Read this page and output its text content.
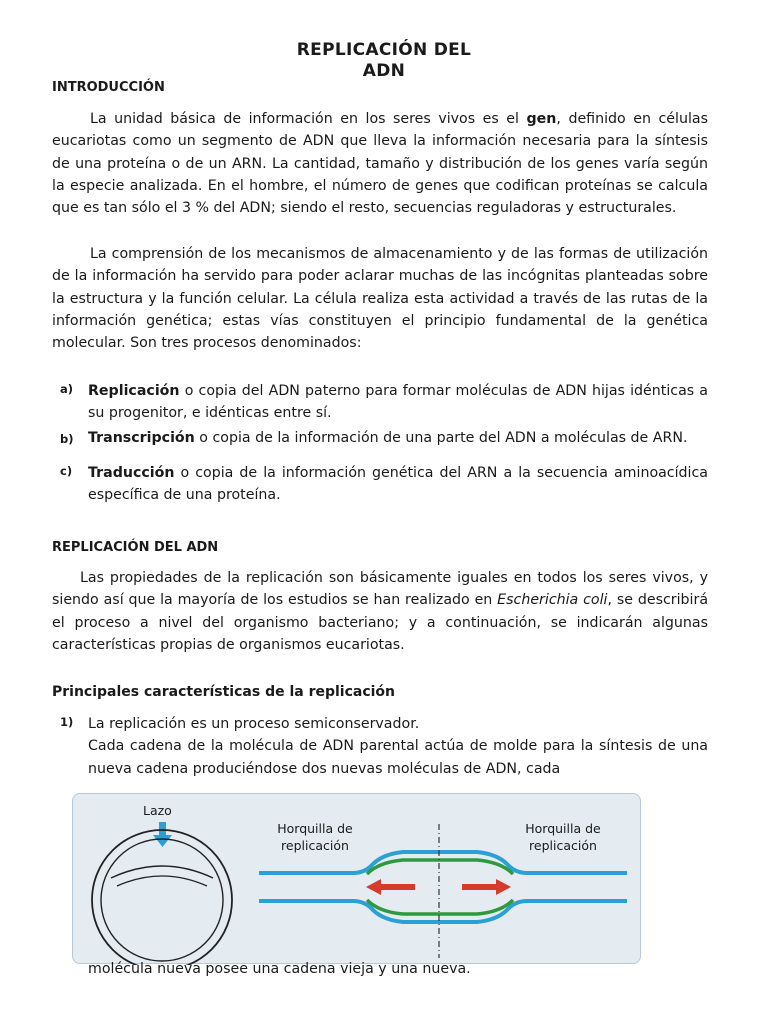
REPLICACIÓN DEL
ADN
INTRODUCCIÓN

La unidad básica de información en los seres vivos es el gen, definido en células eucariotas como un segmento de ADN que lleva la información necesaria para la síntesis de una proteína o de un ARN. La cantidad, tamaño y distribución de los genes varía según la especie analizada. En el hombre, el número de genes que codifican proteínas se calcula que es tan sólo el 3 % del ADN; siendo el resto, secuencias reguladoras y estructurales.

La comprensión de los mecanismos de almacenamiento y de las formas de utilización de la información ha servido para poder aclarar muchas de las incógnitas planteadas sobre la estructura y la función celular. La célula realiza esta actividad a través de las rutas de la información genética; estas vías constituyen el principio fundamental de la genética molecular. Son tres procesos denominados:

a) Replicación o copia del ADN paterno para formar moléculas de ADN hijas idénticas a su progenitor, e idénticas entre sí.
b) Transcripción o copia de la información de una parte del ADN a moléculas de ARN.
c) Traducción o copia de la información genética del ARN a la secuencia aminoacídica específica de una proteína.
REPLICACIÓN DEL ADN

Las propiedades de la replicación son básicamente iguales en todos los seres vivos, y siendo así que la mayoría de los estudios se han realizado en Escherichia coli, se describirá el proceso a nivel del organismo bacteriano; y a continuación, se indicarán algunas características propias de organismos eucariotas.

Principales características de la replicación
1) La replicación es un proceso semiconservador.
Cada cadena de la molécula de ADN parental actúa de molde para la síntesis de una nueva cadena produciéndose dos nuevas moléculas de ADN, cada
Lazo
Horquilla de replicación
Horquilla de replicación
molécula nueva posee una cadena vieja y una nueva.
